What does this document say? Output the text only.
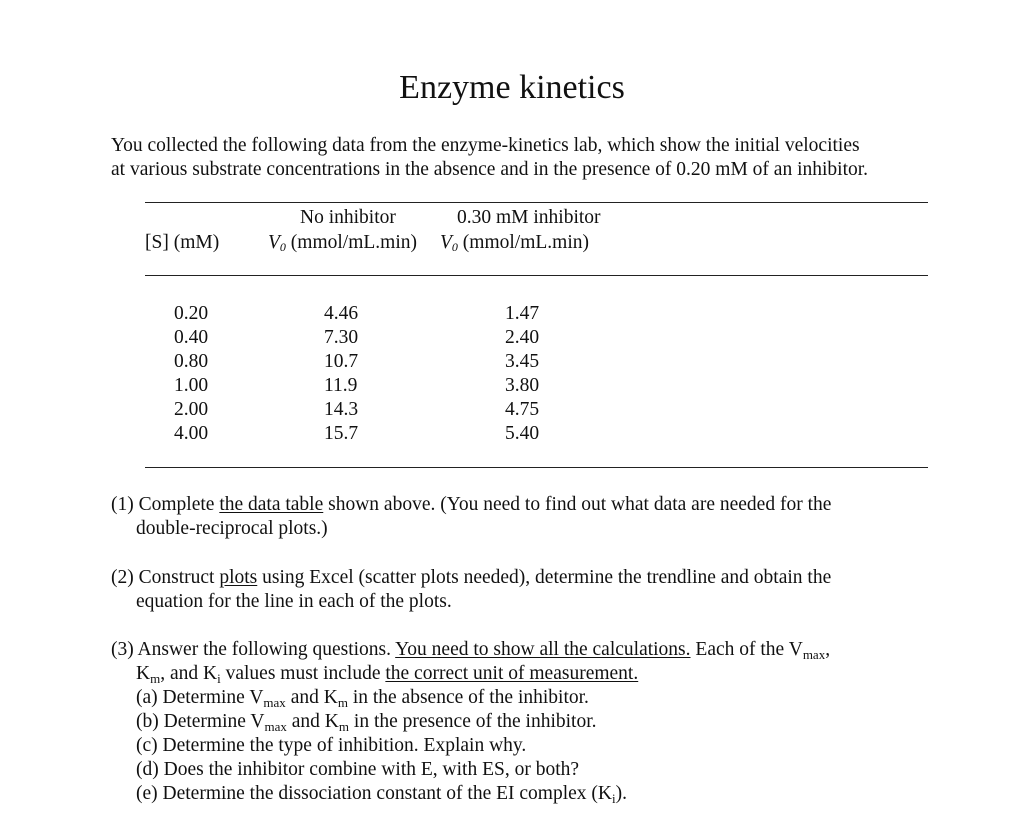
Enzyme kinetics
You collected the following data from the enzyme-kinetics lab, which show the initial velocities
at various substrate concentrations in the absence and in the presence of 0.20 mM of an inhibitor.
No inhibitor	0.30 mM inhibitor
[S] (mM)	$V_0$ (mmol/mL.min) $V_0$ (mmol/mL.min)
0.20
0.40
0.80
1.00
2.00
4.00
4.46
7.30
10.7
11.9
14.3
15.7
1.47
2.40
3.45
3.80
4.75
5.40
(1) Complete the data table shown above. (You need to find out what data are needed for the
double-reciprocal plots.)
(2) Construct plots using Excel (scatter plots needed), determine the trendline and obtain the
equation for the line in each of the plots.
(3) Answer the following questions. You need to show all the calculations. Each of the $V_{max}$,
$K_m$, and $K_i$ values must include the correct unit of measurement.
(a) Determine $V_{max}$ and $K_m$ in the absence of the inhibitor.
(b) Determine $V_{max}$ and $K_m$ in the presence of the inhibitor.
(c) Determine the type of inhibition. Explain why.
(d) Does the inhibitor combine with E, with ES, or both?
(e) Determine the dissociation constant of the EI complex $(K_i)$.
